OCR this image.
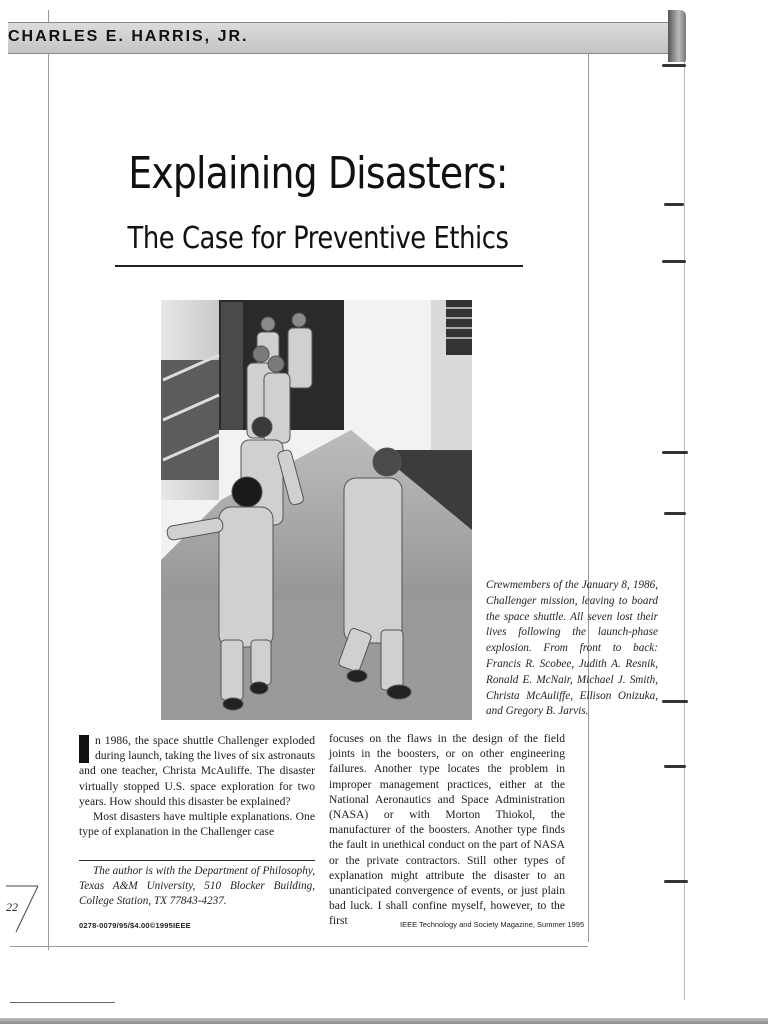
CHARLES E. HARRIS, JR.
Explaining Disasters:
The Case for Preventive Ethics
Crewmembers of the January 8, 1986, Challenger mission, leaving to board the space shuttle. All seven lost their lives following the launch-phase explosion. From front to back: Francis R. Scobee, Judith A. Resnik, Ronald E. McNair, Michael J. Smith, Christa McAuliffe, Ellison Onizuka, and Gregory B. Jarvis.

n 1986, the space shuttle Challenger exploded during launch, taking the lives of six astronauts and one teacher, Christa McAuliffe. The disaster virtually stopped U.S. space exploration for two years. How should this disaster be explained?

Most disasters have multiple explanations. One type of explanation in the Challenger case

The author is with the Department of Philosophy, Texas A&M University, 510 Blocker Building, College Station, TX 77843-4237.

focuses on the flaws in the design of the field joints in the boosters, or on other engineering failures. Another type locates the problem in improper management practices, either at the National Aeronautics and Space Administration (NASA) or with Morton Thiokol, the manufacturer of the boosters. Another type finds the fault in unethical conduct on the part of NASA or the private contractors. Still other types of explanation might attribute the disaster to an unanticipated convergence of events, or just plain bad luck. I shall confine myself, however, to the first

0278-0079/95/$4.00©1995IEEE	IEEE Technology and Society Magazine, Summer 1995
22
